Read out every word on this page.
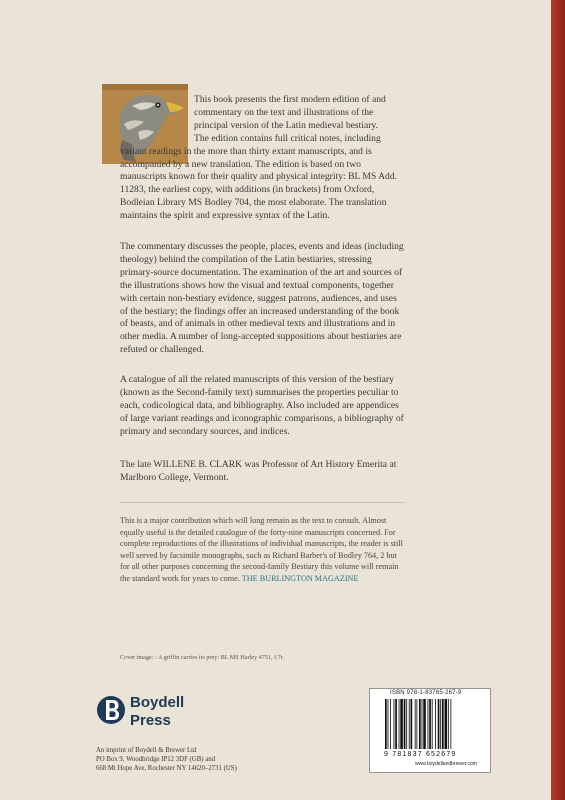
This book presents the first modern edition of and
commentary on the text and illustrations of the
principal version of the Latin medieval bestiary.
The edition contains full critical notes, including
variant readings in the more than thirty extant manuscripts, and is accompanied by a new translation. The edition is based on two manuscripts known for their quality and physical integrity: BL MS Add. 11283, the earliest copy, with additions (in brackets) from Oxford, Bodleian Library MS Bodley 704, the most elaborate. The translation maintains the spirit and expressive syntax of the Latin.

The commentary discusses the people, places, events and ideas (including theology) behind the compilation of the Latin bestiaries, stressing primary-source documentation. The examination of the art and sources of the illustrations shows how the visual and textual components, together with certain non-bestiary evidence, suggest patrons, audiences, and uses of the bestiary; the findings offer an increased understanding of the book of beasts, and of animals in other medieval texts and illustrations and in other media. A number of long-accepted suppositions about bestiaries are refuted or challenged.

A catalogue of all the related manuscripts of this version of the bestiary (known as the Second-family text) summarises the properties peculiar to each, codicological data, and bibliography. Also included are appendices of large variant readings and iconographic comparisons, a bibliography of primary and secondary sources, and indices.

The late WILLENE B. CLARK was Professor of Art History Emerita at Marlboro College, Vermont.

This is a major contribution which will long remain as the text to consult. Almost equally useful is the detailed catalogue of the forty-nine manuscripts concerned. For complete reproductions of the illustrations of individual manuscripts, the reader is still well served by facsimile monographs, such as Richard Barber's of Bodley 764, 2 but for all other purposes concerning the second-family Bestiary this volume will remain the standard work for years to come. THE BURLINGTON MAGAZINE

Cover image: : A griffin carries its prey: BL MS Harley 4751, f.7r.
Boydell
Press
An imprint of Boydell & Brewer Ltd
PO Box 9, Woodbridge IP12 3DF (GB) and
668 Mt Hope Ave, Rochester NY 14620–2731 (US)
ISBN 978-1-83765-267-9
9 781837 652679
www.boydellandbrewer.com
